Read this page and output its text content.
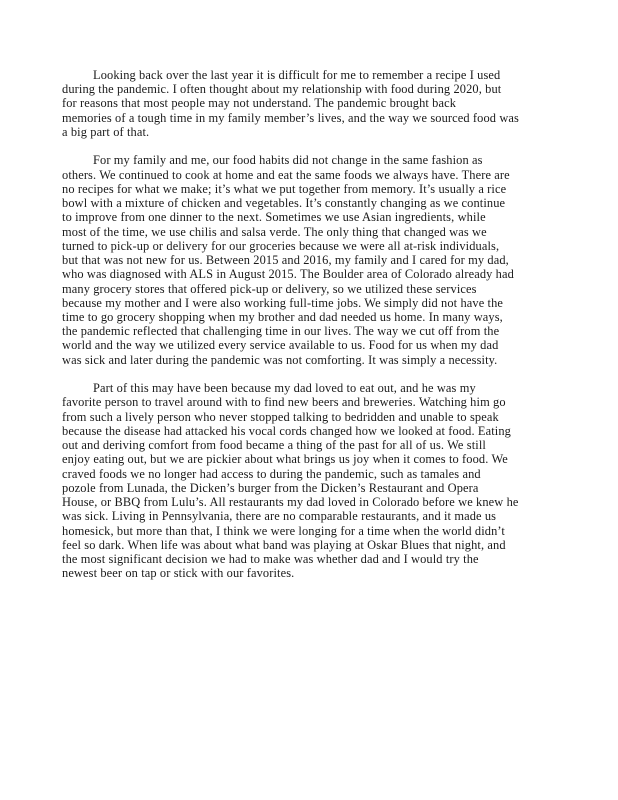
Looking back over the last year it is difficult for me to remember a recipe I used
during the pandemic. I often thought about my relationship with food during 2020, but
for reasons that most people may not understand. The pandemic brought back
memories of a tough time in my family member’s lives, and the way we sourced food was
a big part of that.
For my family and me, our food habits did not change in the same fashion as
others. We continued to cook at home and eat the same foods we always have. There are
no recipes for what we make; it’s what we put together from memory. It’s usually a rice
bowl with a mixture of chicken and vegetables. It’s constantly changing as we continue
to improve from one dinner to the next. Sometimes we use Asian ingredients, while
most of the time, we use chilis and salsa verde. The only thing that changed was we
turned to pick-up or delivery for our groceries because we were all at-risk individuals,
but that was not new for us. Between 2015 and 2016, my family and I cared for my dad,
who was diagnosed with ALS in August 2015. The Boulder area of Colorado already had
many grocery stores that offered pick-up or delivery, so we utilized these services
because my mother and I were also working full-time jobs. We simply did not have the
time to go grocery shopping when my brother and dad needed us home. In many ways,
the pandemic reflected that challenging time in our lives. The way we cut off from the
world and the way we utilized every service available to us. Food for us when my dad
was sick and later during the pandemic was not comforting. It was simply a necessity.
Part of this may have been because my dad loved to eat out, and he was my
favorite person to travel around with to find new beers and breweries. Watching him go
from such a lively person who never stopped talking to bedridden and unable to speak
because the disease had attacked his vocal cords changed how we looked at food. Eating
out and deriving comfort from food became a thing of the past for all of us. We still
enjoy eating out, but we are pickier about what brings us joy when it comes to food. We
craved foods we no longer had access to during the pandemic, such as tamales and
pozole from Lunada, the Dicken’s burger from the Dicken’s Restaurant and Opera
House, or BBQ from Lulu’s. All restaurants my dad loved in Colorado before we knew he
was sick. Living in Pennsylvania, there are no comparable restaurants, and it made us
homesick, but more than that, I think we were longing for a time when the world didn’t
feel so dark. When life was about what band was playing at Oskar Blues that night, and
the most significant decision we had to make was whether dad and I would try the
newest beer on tap or stick with our favorites.
